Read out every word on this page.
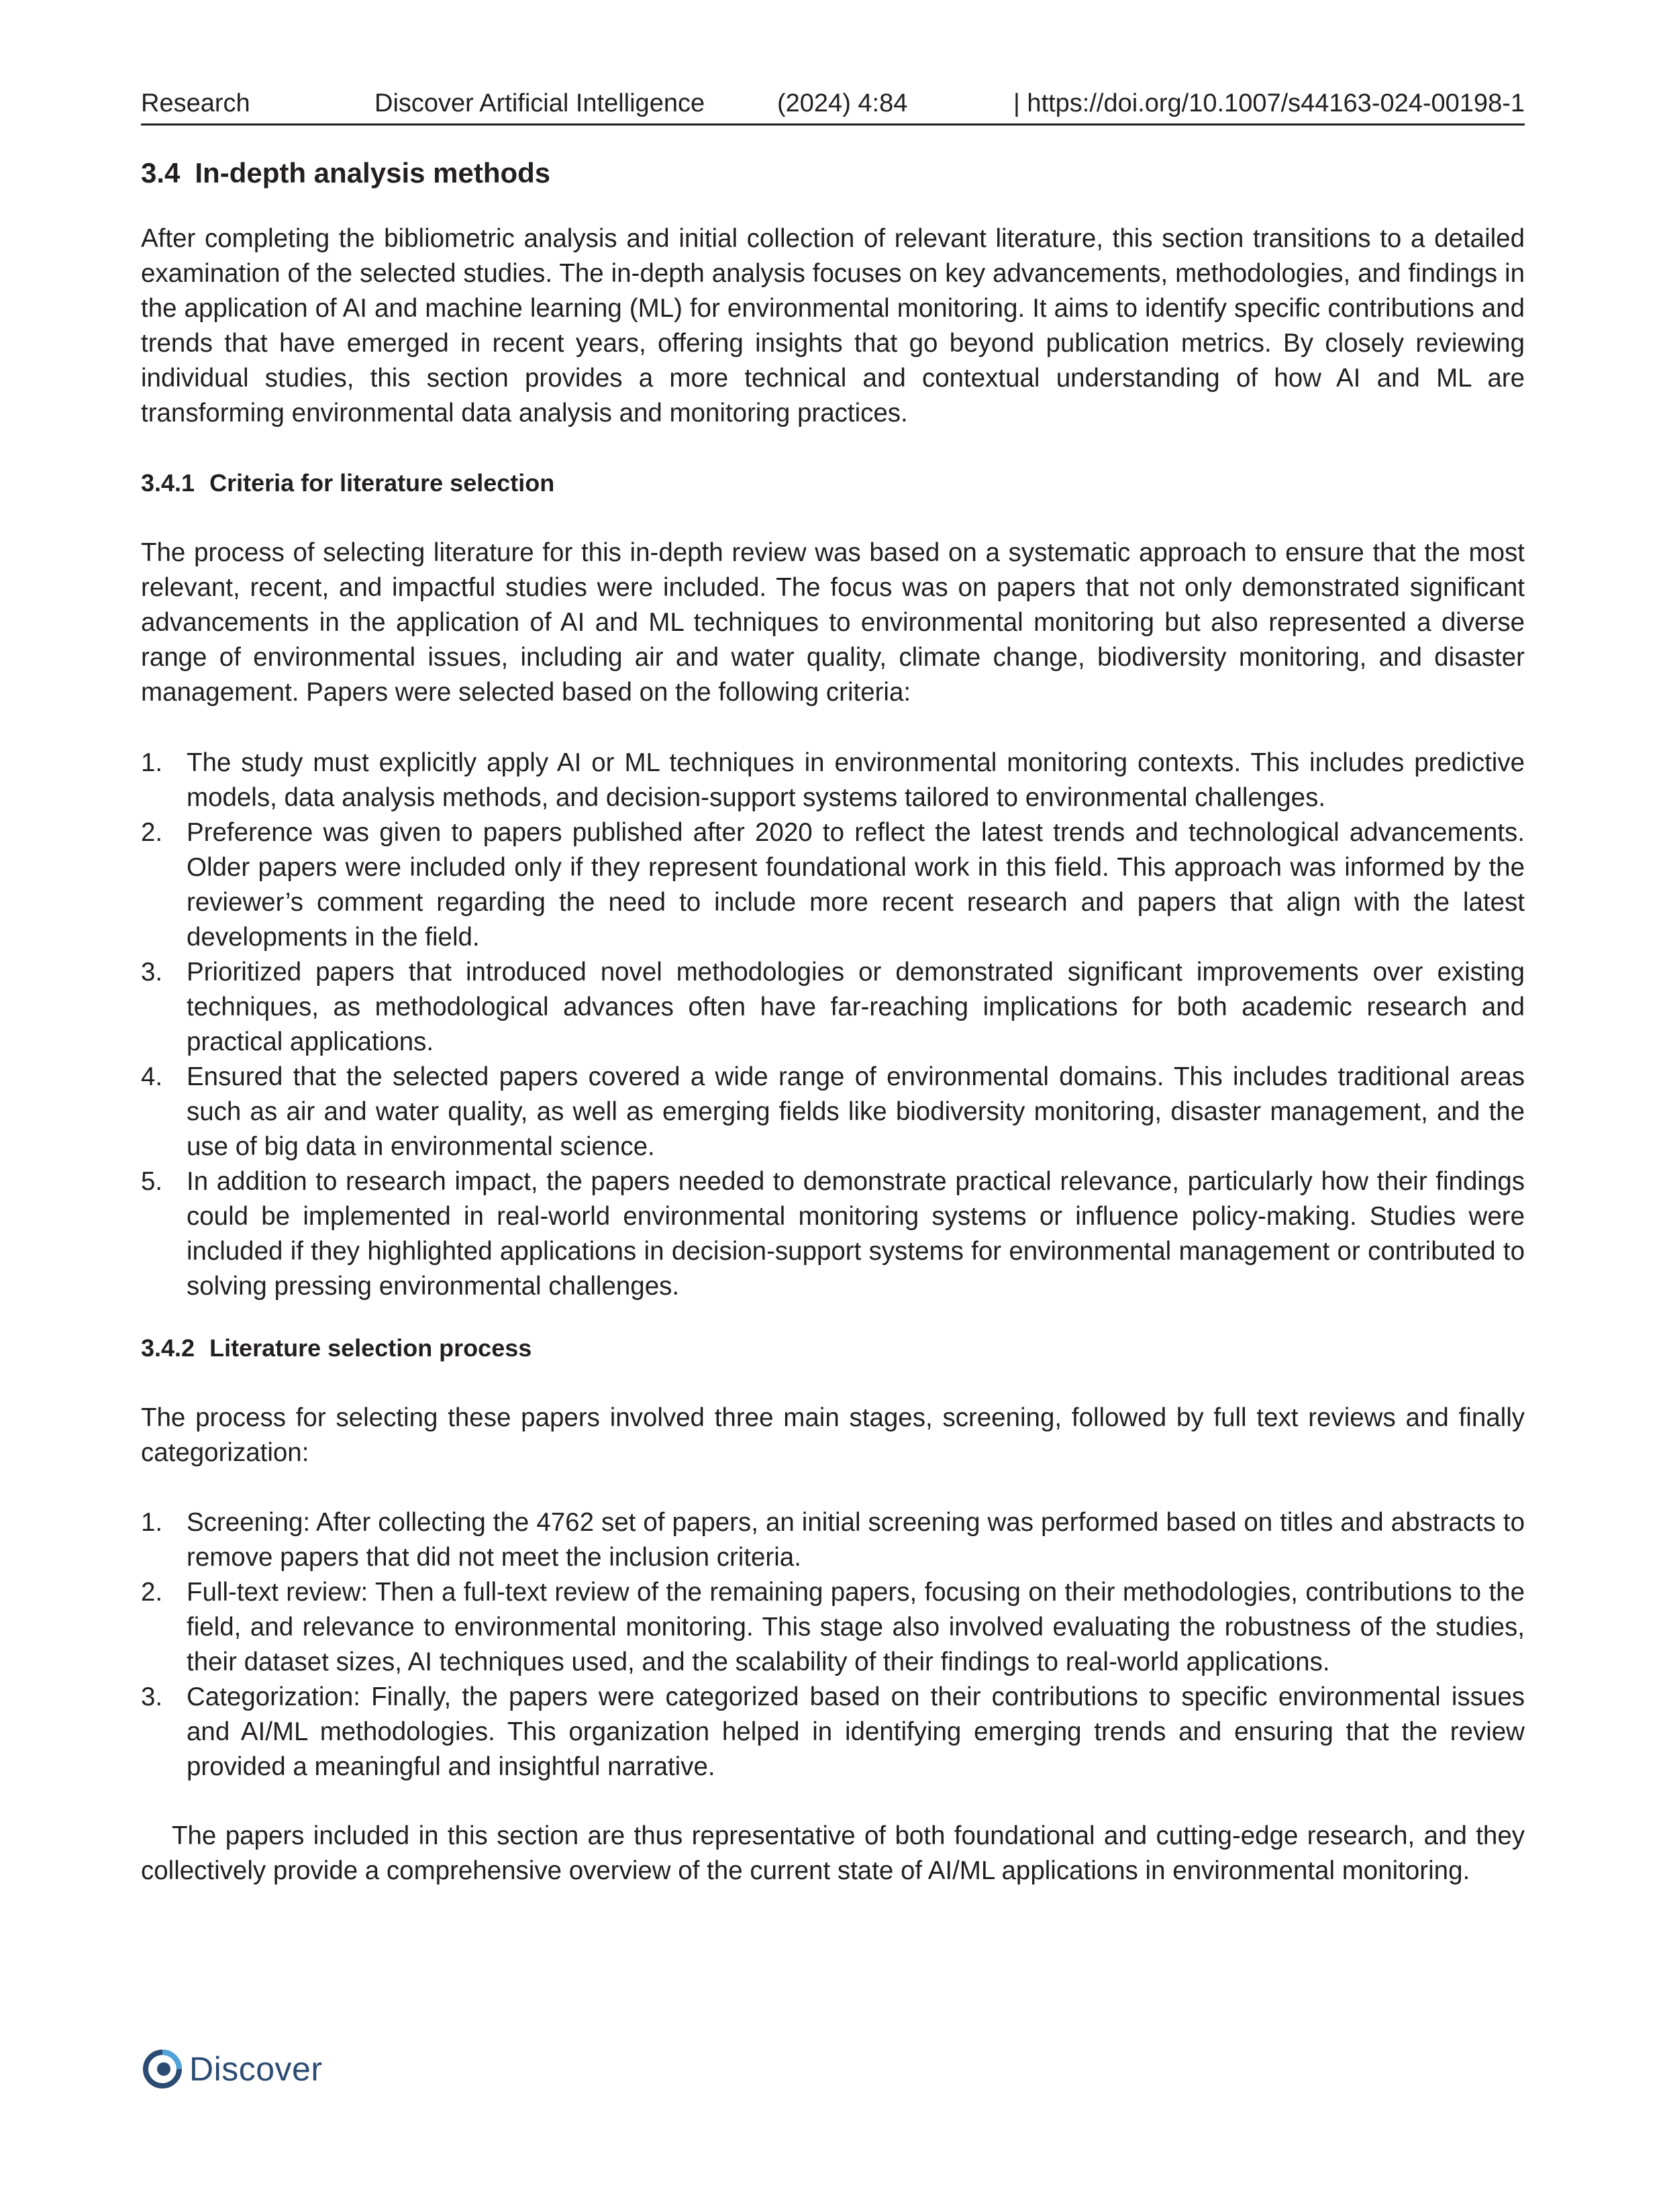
Research	Discover Artificial Intelligence	(2024) 4:84	| https://doi.org/10.1007/s44163-024-00198-1
3.4 In-depth analysis methods

After completing the bibliometric analysis and initial collection of relevant literature, this section transitions to a detailed examination of the selected studies. The in-depth analysis focuses on key advancements, methodologies, and findings in the application of AI and machine learning (ML) for environmental monitoring. It aims to identify specific contributions and trends that have emerged in recent years, offering insights that go beyond publication metrics. By closely reviewing individual studies, this section provides a more technical and contextual understanding of how AI and ML are transforming environmental data analysis and monitoring practices.

3.4.1 Criteria for literature selection

The process of selecting literature for this in-depth review was based on a systematic approach to ensure that the most relevant, recent, and impactful studies were included. The focus was on papers that not only demonstrated significant advancements in the application of AI and ML techniques to environmental monitoring but also represented a diverse range of environmental issues, including air and water quality, climate change, biodiversity monitoring, and disaster management. Papers were selected based on the following criteria:

1. The study must explicitly apply AI or ML techniques in environmental monitoring contexts. This includes predictive models, data analysis methods, and decision-support systems tailored to environmental challenges.
2. Preference was given to papers published after 2020 to reflect the latest trends and technological advancements. Older papers were included only if they represent foundational work in this field. This approach was informed by the reviewer’s comment regarding the need to include more recent research and papers that align with the latest developments in the field.
3. Prioritized papers that introduced novel methodologies or demonstrated significant improvements over existing techniques, as methodological advances often have far-reaching implications for both academic research and practical applications.
4. Ensured that the selected papers covered a wide range of environmental domains. This includes traditional areas such as air and water quality, as well as emerging fields like biodiversity monitoring, disaster management, and the use of big data in environmental science.
5. In addition to research impact, the papers needed to demonstrate practical relevance, particularly how their findings could be implemented in real-world environmental monitoring systems or influence policy-making. Studies were included if they highlighted applications in decision-support systems for environmental management or contributed to solving pressing environmental challenges.
3.4.2 Literature selection process

The process for selecting these papers involved three main stages, screening, followed by full text reviews and finally categorization:

1. Screening: After collecting the 4762 set of papers, an initial screening was performed based on titles and abstracts to remove papers that did not meet the inclusion criteria.
2. Full-text review: Then a full-text review of the remaining papers, focusing on their methodologies, contributions to the field, and relevance to environmental monitoring. This stage also involved evaluating the robustness of the studies, their dataset sizes, AI techniques used, and the scalability of their findings to real-world applications.
3. Categorization: Finally, the papers were categorized based on their contributions to specific environmental issues and AI/ML methodologies. This organization helped in identifying emerging trends and ensuring that the review provided a meaningful and insightful narrative.

The papers included in this section are thus representative of both foundational and cutting-edge research, and they collectively provide a comprehensive overview of the current state of AI/ML applications in environmental monitoring.

Discover
